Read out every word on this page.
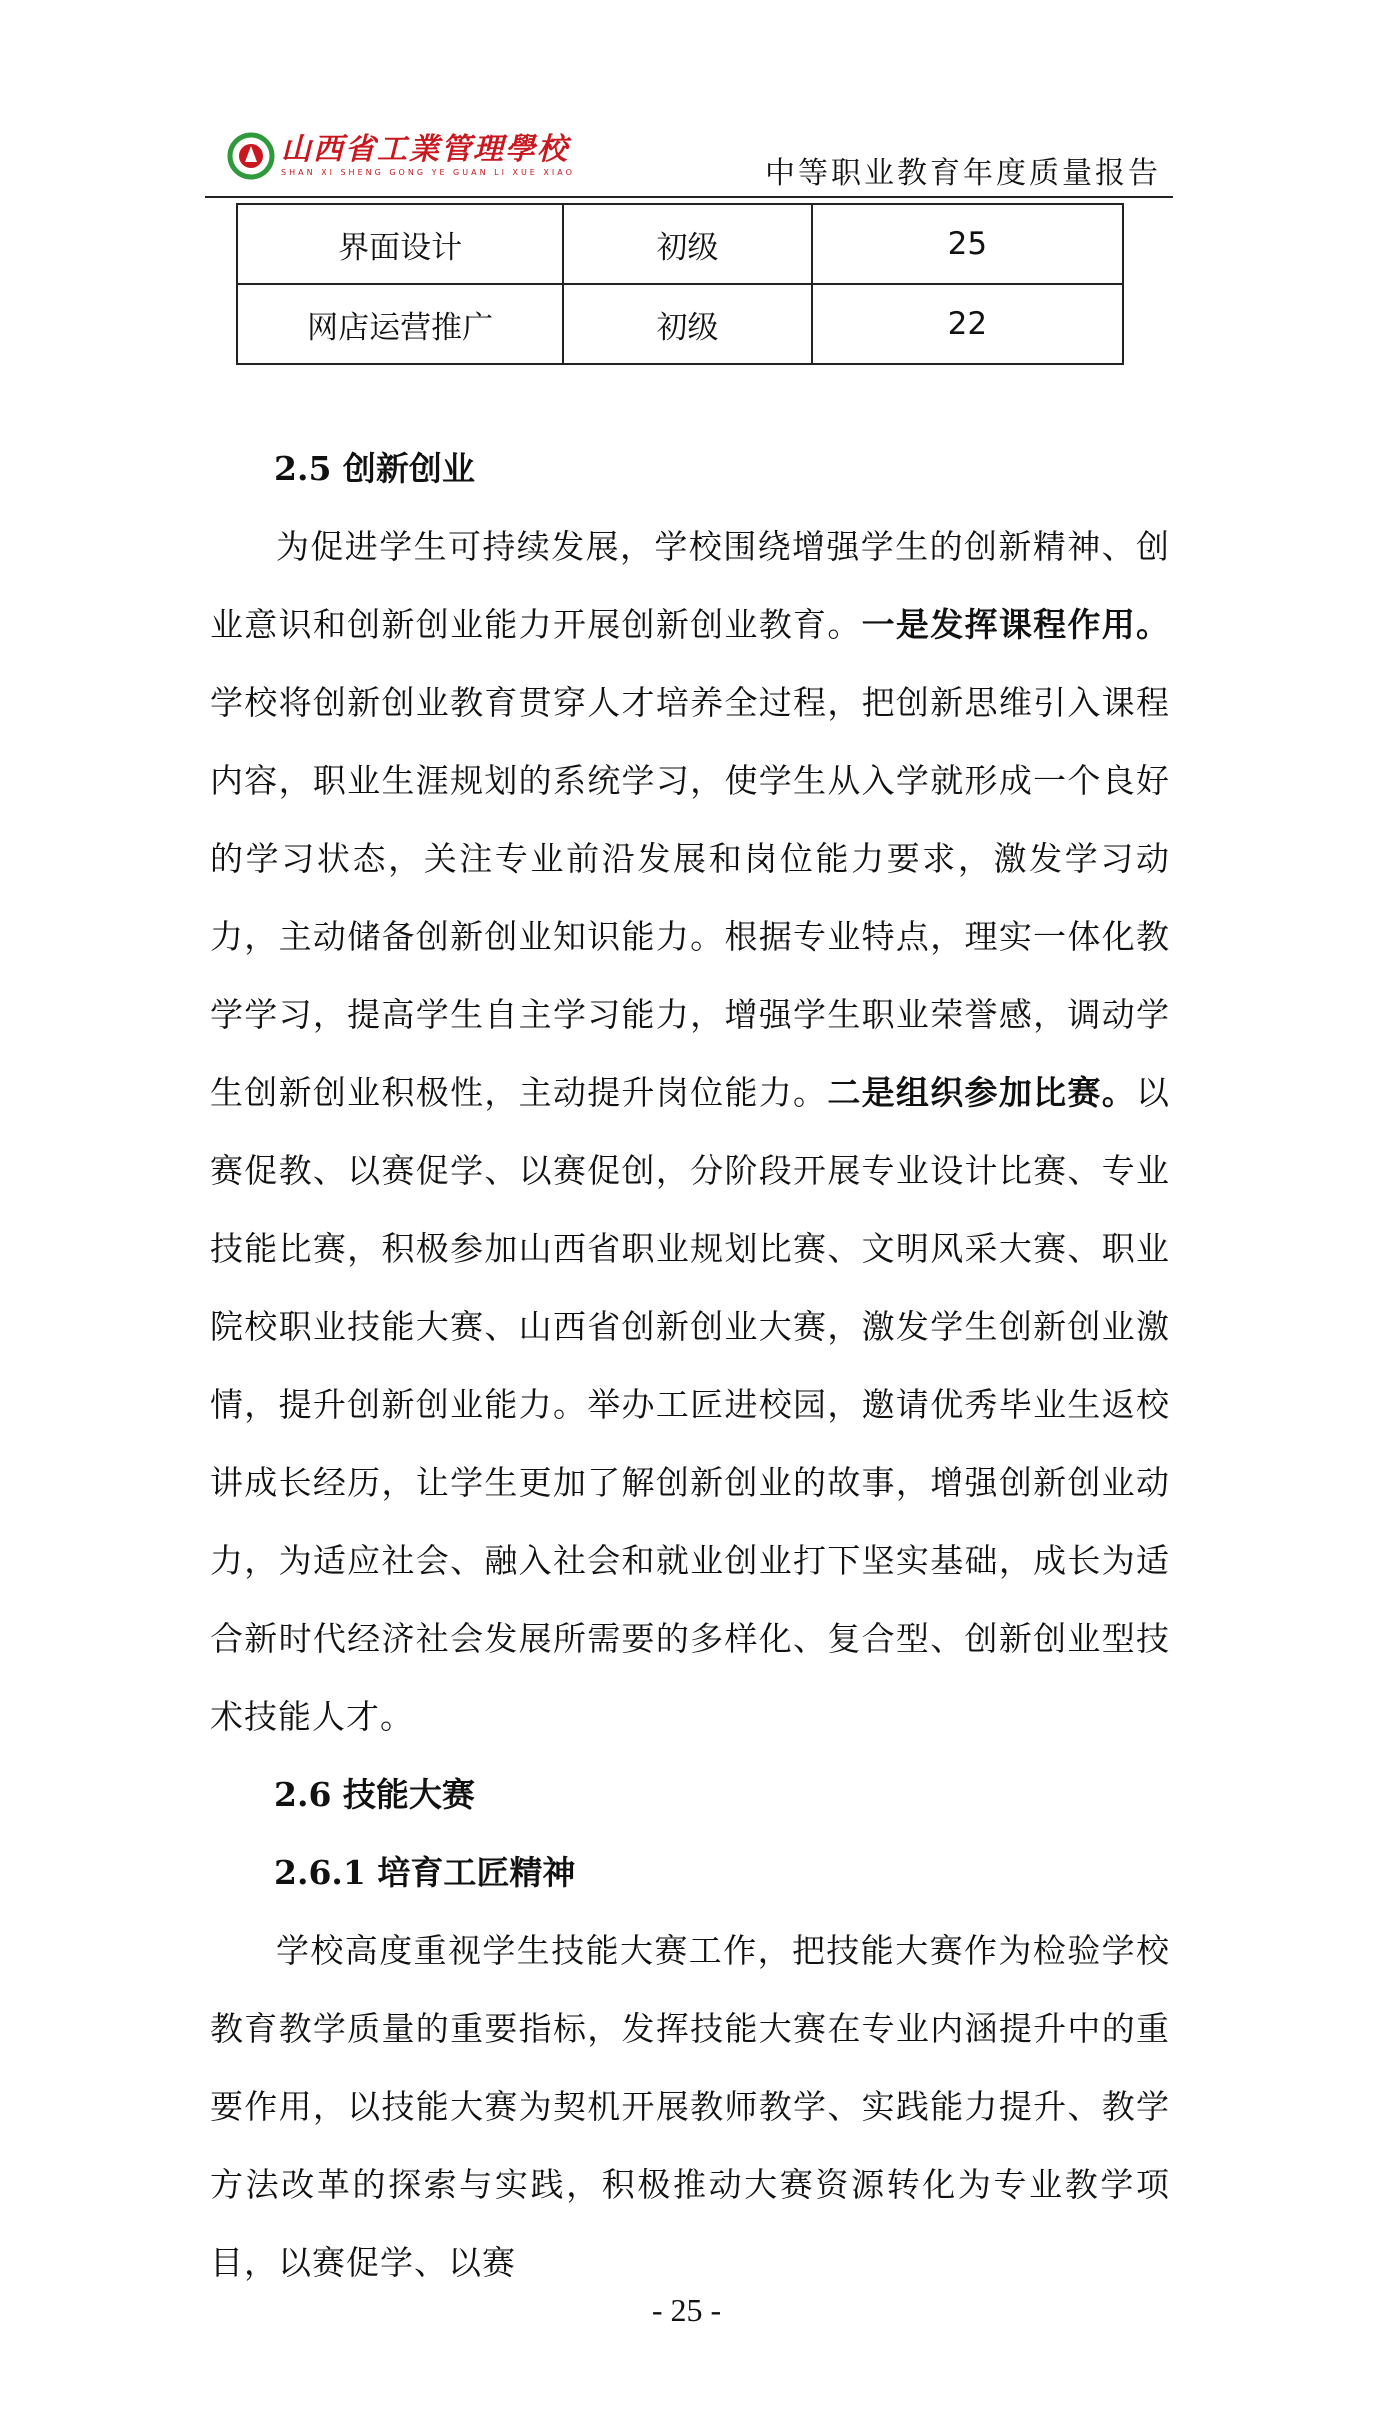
山西省工業管理學校
SHAN XI SHENG GONG YE GUAN LI XUE XIAO	中等职业教育年度质量报告
界面设计	初级	25
网店运营推广	初级	22
2.5 创新创业

为促进学生可持续发展，学校围绕增强学生的创新精神、创业意识和创新创业能力开展创新创业教育。一是发挥课程作用。学校将创新创业教育贯穿人才培养全过程，把创新思维引入课程内容，职业生涯规划的系统学习，使学生从入学就形成一个良好的学习状态，关注专业前沿发展和岗位能力要求，激发学习动力，主动储备创新创业知识能力。根据专业特点，理实一体化教学学习，提高学生自主学习能力，增强学生职业荣誉感，调动学生创新创业积极性，主动提升岗位能力。二是组织参加比赛。以赛促教、以赛促学、以赛促创，分阶段开展专业设计比赛、专业技能比赛，积极参加山西省职业规划比赛、文明风采大赛、职业院校职业技能大赛、山西省创新创业大赛，激发学生创新创业激情，提升创新创业能力。举办工匠进校园，邀请优秀毕业生返校讲成长经历，让学生更加了解创新创业的故事，增强创新创业动力，为适应社会、融入社会和就业创业打下坚实基础，成长为适合新时代经济社会发展所需要的多样化、复合型、创新创业型技术技能人才。

2.6 技能大赛
2.6.1 培育工匠精神

学校高度重视学生技能大赛工作，把技能大赛作为检验学校教育教学质量的重要指标，发挥技能大赛在专业内涵提升中的重要作用，以技能大赛为契机开展教师教学、实践能力提升、教学方法改革的探索与实践，积极推动大赛资源转化为专业教学项目，以赛促学、以赛

- 25 -
